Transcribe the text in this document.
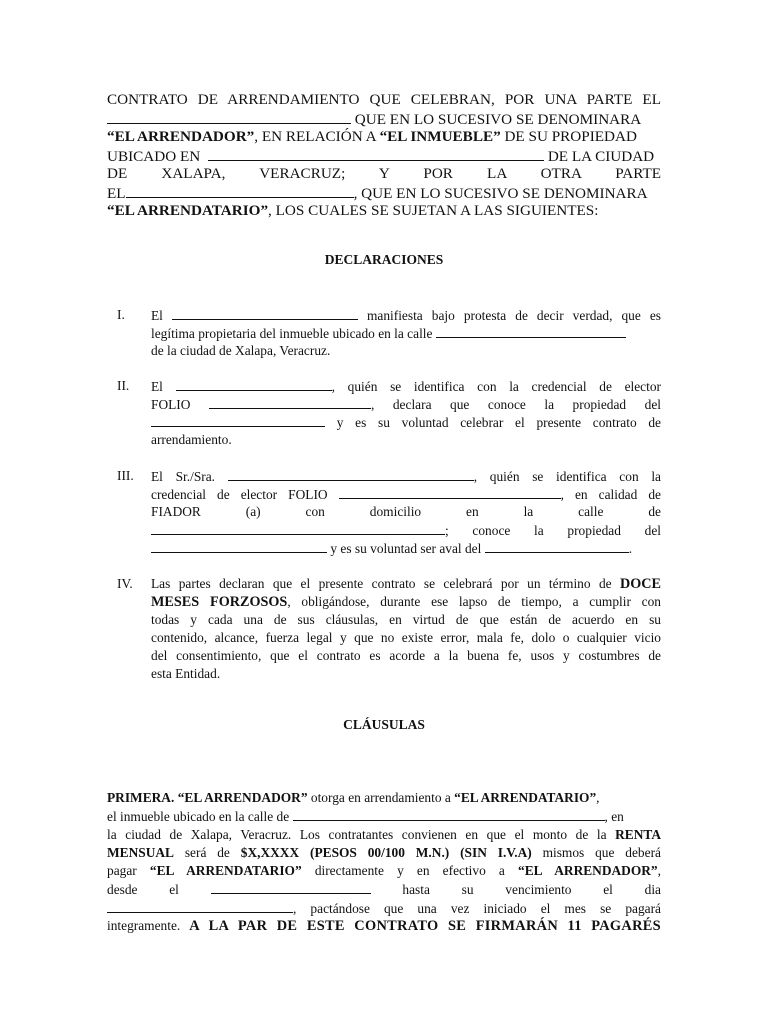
CONTRATO DE ARRENDAMIENTO QUE CELEBRAN, POR UNA PARTE EL
QUE EN LO SUCESIVO SE DENOMINARA
“EL ARRENDADOR”, EN RELACIÓN A “EL INMUEBLE” DE SU PROPIEDAD
UBICADO EN	DE LA CIUDAD
DE XALAPA, VERACRUZ; Y POR LA OTRA PARTE
EL	, QUE EN LO SUCESIVO SE DENOMINARA
“EL ARRENDATARIO”, LOS CUALES SE SUJETAN A LAS SIGUIENTES:
DECLARACIONES
I.	El	manifiesta bajo protesta de decir verdad, que es
legítima propietaria del inmueble ubicado en la calle
de la ciudad de Xalapa, Veracruz.
II.	El	, quién se identifica con la credencial de elector
FOLIO	, declara que conoce la propiedad del
y es su voluntad celebrar el presente contrato de
arrendamiento.
III.	El Sr./Sra.	, quién se identifica con la
credencial de elector FOLIO	, en calidad de
FIADOR (a) con domicilio en la calle de
; conoce la propiedad del
y es su voluntad ser aval del	.
IV.	Las partes declaran que el presente contrato se celebrará por un término de DOCE
MESES FORZOSOS, obligándose, durante ese lapso de tiempo, a cumplir con
todas y cada una de sus cláusulas, en virtud de que están de acuerdo en su
contenido, alcance, fuerza legal y que no existe error, mala fe, dolo o cualquier vicio
del consentimiento, que el contrato es acorde a la buena fe, usos y costumbres de
esta Entidad.
CLÁUSULAS
PRIMERA. “EL ARRENDADOR” otorga en arrendamiento a “EL ARRENDATARIO”,
el inmueble ubicado en la calle de	, en
la ciudad de Xalapa, Veracruz. Los contratantes convienen en que el monto de la RENTA
MENSUAL será de $X,XXXX (PESOS 00/100 M.N.) (SIN I.V.A) mismos que deberá
pagar “EL ARRENDATARIO” directamente y en efectivo a “EL ARRENDADOR”,
desde el	hasta su vencimiento el dia
, pactándose que una vez iniciado el mes se pagará
integramente. A LA PAR DE ESTE CONTRATO SE FIRMARÁN 11 PAGARÉS
